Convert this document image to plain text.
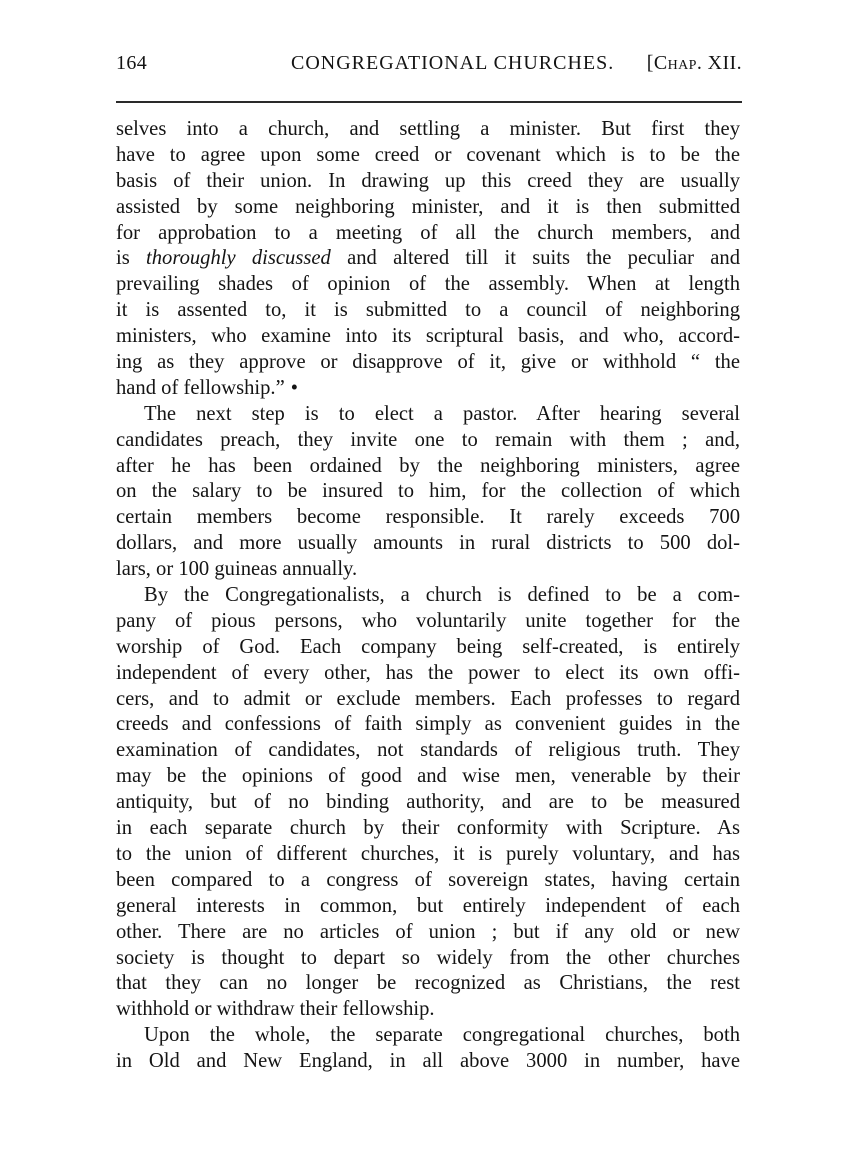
164	CONGREGATIONAL CHURCHES. [Chap. XII.
selves into a church, and settling a minister. But first they
have to agree upon some creed or covenant which is to be the
basis of their union. In drawing up this creed they are usually
assisted by some neighboring minister, and it is then submitted
for approbation to a meeting of all the church members, and
is thoroughly discussed and altered till it suits the peculiar and
prevailing shades of opinion of the assembly. When at length
it is assented to, it is submitted to a council of neighboring
ministers, who examine into its scriptural basis, and who, accord-
ing as they approve or disapprove of it, give or withhold “ the
hand of fellowship.” •
The next step is to elect a pastor. After hearing several
candidates preach, they invite one to remain with them ; and,
after he has been ordained by the neighboring ministers, agree
on the salary to be insured to him, for the collection of which
certain members become responsible. It rarely exceeds 700
dollars, and more usually amounts in rural districts to 500 dol-
lars, or 100 guineas annually.
By the Congregationalists, a church is defined to be a com-
pany of pious persons, who voluntarily unite together for the
worship of God. Each company being self-created, is entirely
independent of every other, has the power to elect its own offi-
cers, and to admit or exclude members. Each professes to regard
creeds and confessions of faith simply as convenient guides in the
examination of candidates, not standards of religious truth. They
may be the opinions of good and wise men, venerable by their
antiquity, but of no binding authority, and are to be measured
in each separate church by their conformity with Scripture. As
to the union of different churches, it is purely voluntary, and has
been compared to a congress of sovereign states, having certain
general interests in common, but entirely independent of each
other. There are no articles of union ; but if any old or new
society is thought to depart so widely from the other churches
that they can no longer be recognized as Christians, the rest
withhold or withdraw their fellowship.
Upon the whole, the separate congregational churches, both
in Old and New England, in all above 3000 in number, have
